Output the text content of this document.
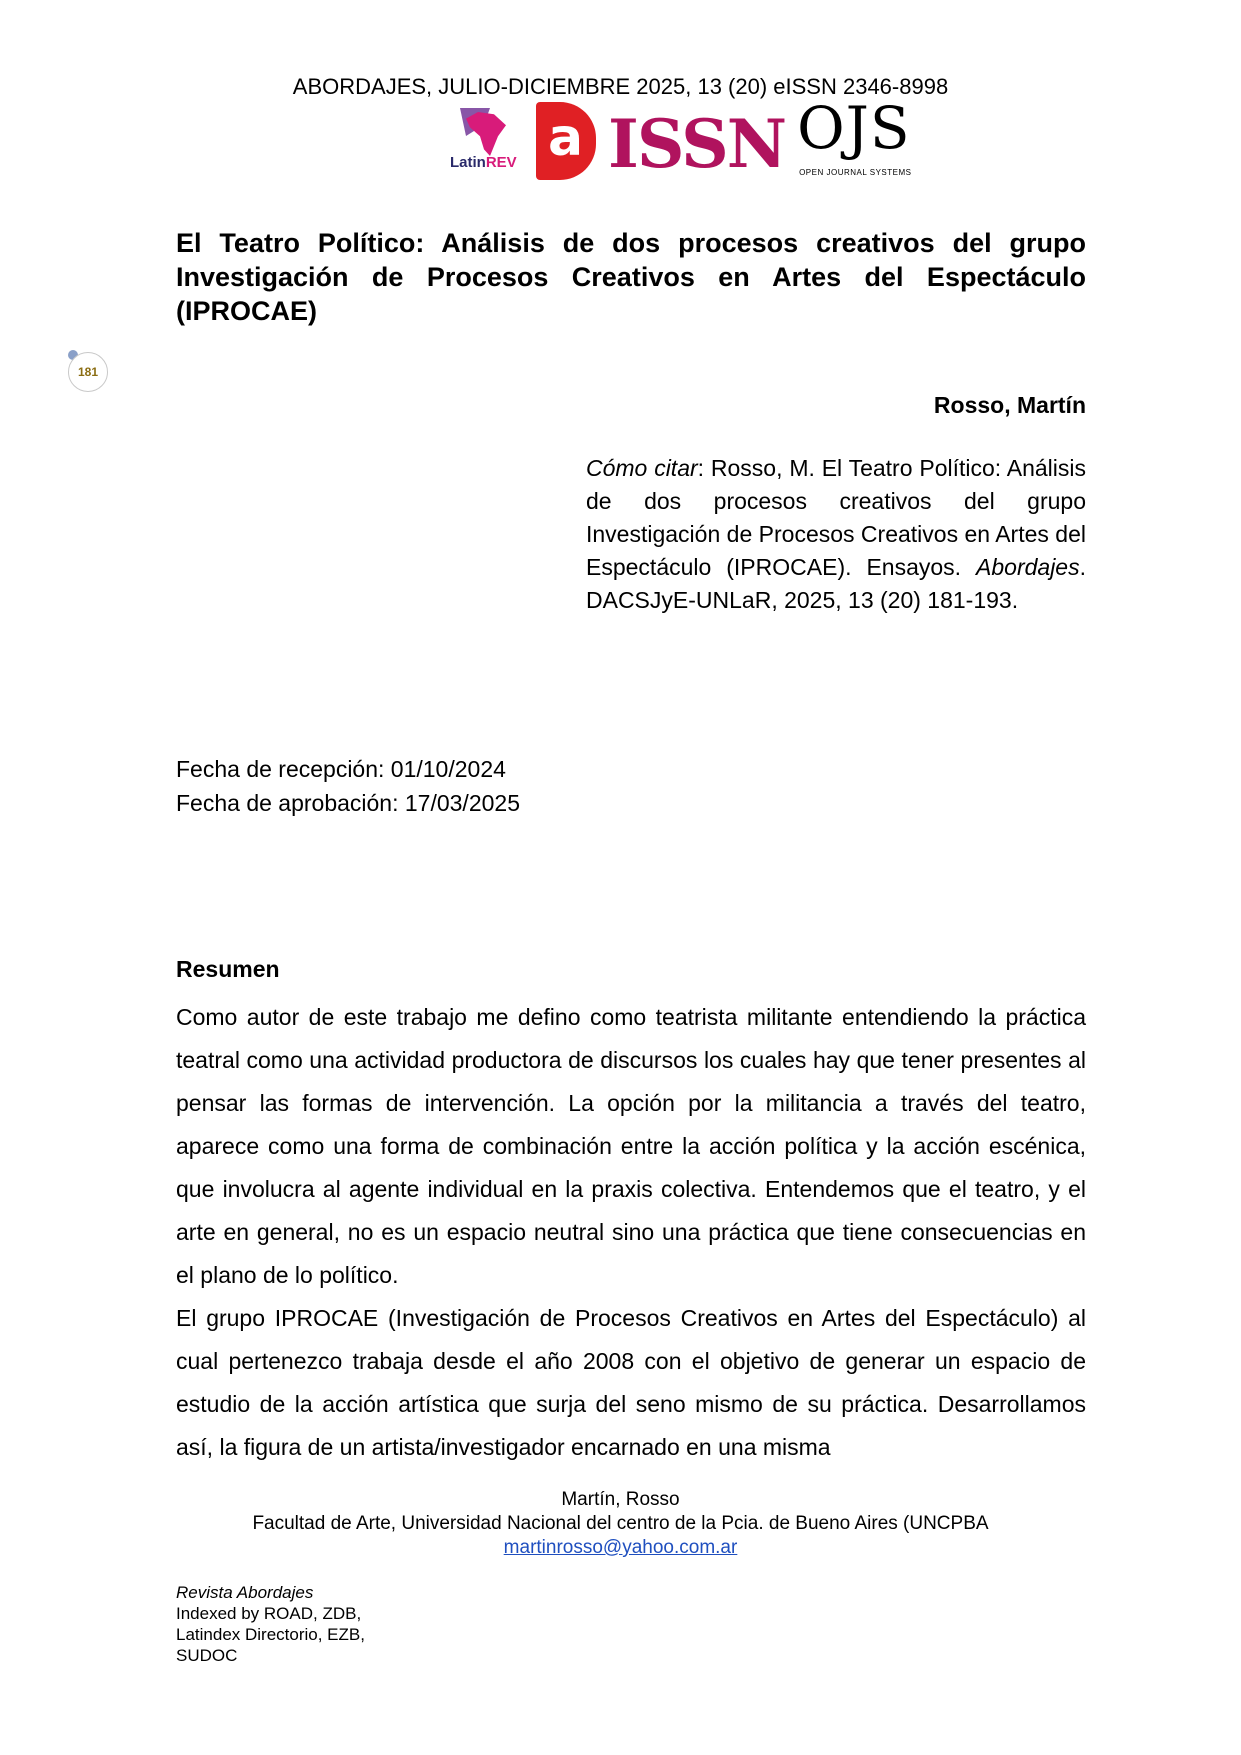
ABORDAJES, JULIO-DICIEMBRE 2025, 13 (20) eISSN 2346-8998
LatinREV a ISSN OJS
OPEN JOURNAL SYSTEMS
El Teatro Político: Análisis de dos procesos creativos del grupo Investigación de Procesos Creativos en Artes del Espectáculo (IPROCAE)
181
Rosso, Martín
Cómo citar: Rosso, M. El Teatro Político: Análisis de dos procesos creativos del grupo Investigación de Procesos Creativos en Artes del Espectáculo (IPROCAE). Ensayos. Abordajes. DACSJyE-UNLaR, 2025, 13 (20) 181-193.
Fecha de recepción: 01/10/2024
Fecha de aprobación: 17/03/2025
Resumen

Como autor de este trabajo me defino como teatrista militante entendiendo la práctica teatral como una actividad productora de discursos los cuales hay que tener presentes al pensar las formas de intervención. La opción por la militancia a través del teatro, aparece como una forma de combinación entre la acción política y la acción escénica, que involucra al agente individual en la praxis colectiva. Entendemos que el teatro, y el arte en general, no es un espacio neutral sino una práctica que tiene consecuencias en el plano de lo político.

El grupo IPROCAE (Investigación de Procesos Creativos en Artes del Espectáculo) al cual pertenezco trabaja desde el año 2008 con el objetivo de generar un espacio de estudio de la acción artística que surja del seno mismo de su práctica. Desarrollamos así, la figura de un artista/investigador encarnado en una misma

Martín, Rosso
Facultad de Arte, Universidad Nacional del centro de la Pcia. de Bueno Aires (UNCPBA
martinrosso@yahoo.com.ar
Revista Abordajes
Indexed by ROAD, ZDB,
Latindex Directorio, EZB,
SUDOC
